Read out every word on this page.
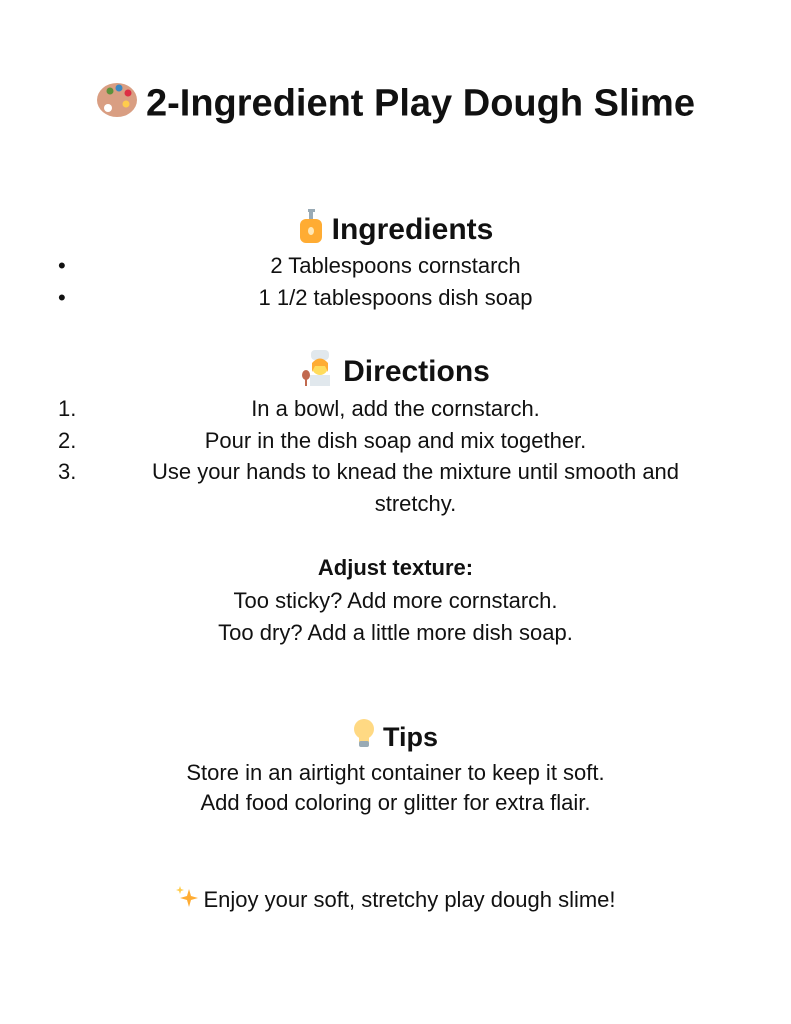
2-Ingredient Play Dough Slime
Ingredients
•	2 Tablespoons cornstarch
•	1 1/2 tablespoons dish soap
Directions
1.	In a bowl, add the cornstarch.
2.	Pour in the dish soap and mix together.
3.	Use your hands to knead the mixture until smooth and
stretchy.
Adjust texture:
Too sticky? Add more cornstarch.
Too dry? Add a little more dish soap.
Tips
Store in an airtight container to keep it soft.
Add food coloring or glitter for extra flair.
Enjoy your soft, stretchy play dough slime!
